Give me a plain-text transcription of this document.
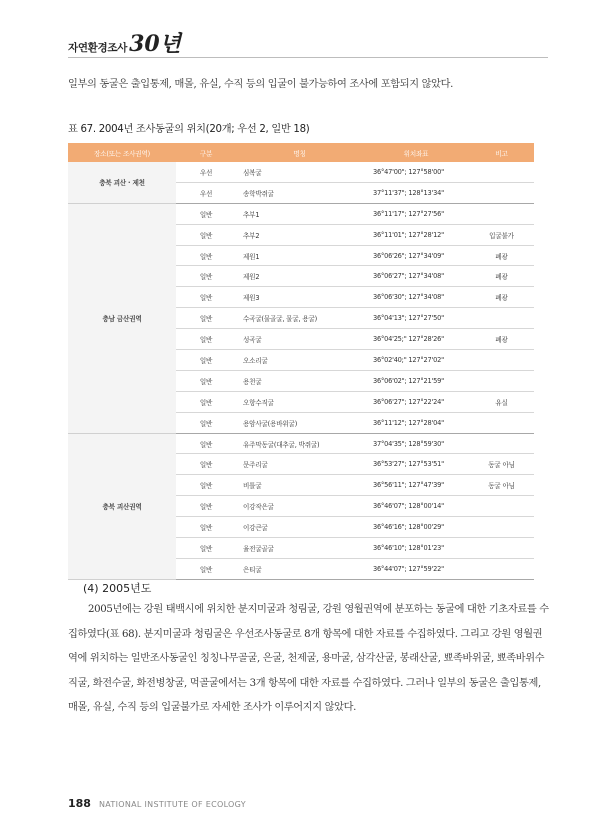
자연환경조사 30년

일부의 동굴은 출입통제, 매몰, 유실, 수직 등의 입굴이 불가능하여 조사에 포함되지 않았다.

표 67. 2004년 조사동굴의 위치(20개; 우선 2, 일반 18)
장소(또는 조사권역)	구분	명칭	위치좌표	비고
충북 괴산 · 제천	우선	심복굴	36°47'00"; 127°58'00"	
	우선	송학박쥐굴	37°11'37"; 128°13'34"	
충남 금산권역	일반	추부1	36°11'17"; 127°27'56"	
	일반	추부2	36°11'01"; 127°28'12"	입굴불가
	일반	제원1	36°06'26"; 127°34'09"	폐광
	일반	제원2	36°06'27"; 127°34'08"	폐광
	일반	제원3	36°06'30"; 127°34'08"	폐광
	일반	수곡굴(물골굴, 물굴, 용굴)	36°04'13"; 127°27'50"	
	일반	성곡굴	36°04'25;" 127°28'26"	폐광
	일반	오소리굴	36°02'40;" 127°27'02"	
	일반	용천굴	36°06'02"; 127°21'59"	
	일반	오항수직굴	36°06'27"; 127°22'24"	유실
	일반	용암사굴(용바위굴)	36°11'12"; 127°28'04"	
충북 괴산권역	일반	유주막동굴(대추굴, 박쥐굴)	37°04'35"; 128°59'30"	
	일반	문주리굴	36°53'27"; 127°53'51"	동굴 아님
	일반	비틀굴	36°56'11"; 127°47'39"	동굴 아님
	일반	이강작은굴	36°46'07"; 128°00'14"	
	일반	이강큰굴	36°46'16"; 128°00'29"	
	일반	율전굴골굴	36°46'10"; 128°01'23"	
	일반	은티굴	36°44'07"; 127°59'22"	
(4) 2005년도

2005년에는 강원 태백시에 위치한 분지미굴과 청림굴, 강원 영월권역에 분포하는 동굴에 대한 기초자료를 수집하였다(표 68). 분지미굴과 청림굴은 우선조사동굴로 8개 항목에 대한 자료를 수집하였다. 그리고 강원 영월권역에 위치하는 일반조사동굴인 칭칭나무골굴, 은굴, 천제굴, 용마굴, 삼각산굴, 봉래산굴, 뾰족바위굴, 뾰족바위수직굴, 화전수굴, 화전병창굴, 먹골굴에서는 3개 항목에 대한 자료를 수집하였다. 그러나 일부의 동굴은 출입통제, 매몰, 유실, 수직 등의 입굴불가로 자세한 조사가 이루어지지 않았다.

188 NATIONAL INSTITUTE OF ECOLOGY
